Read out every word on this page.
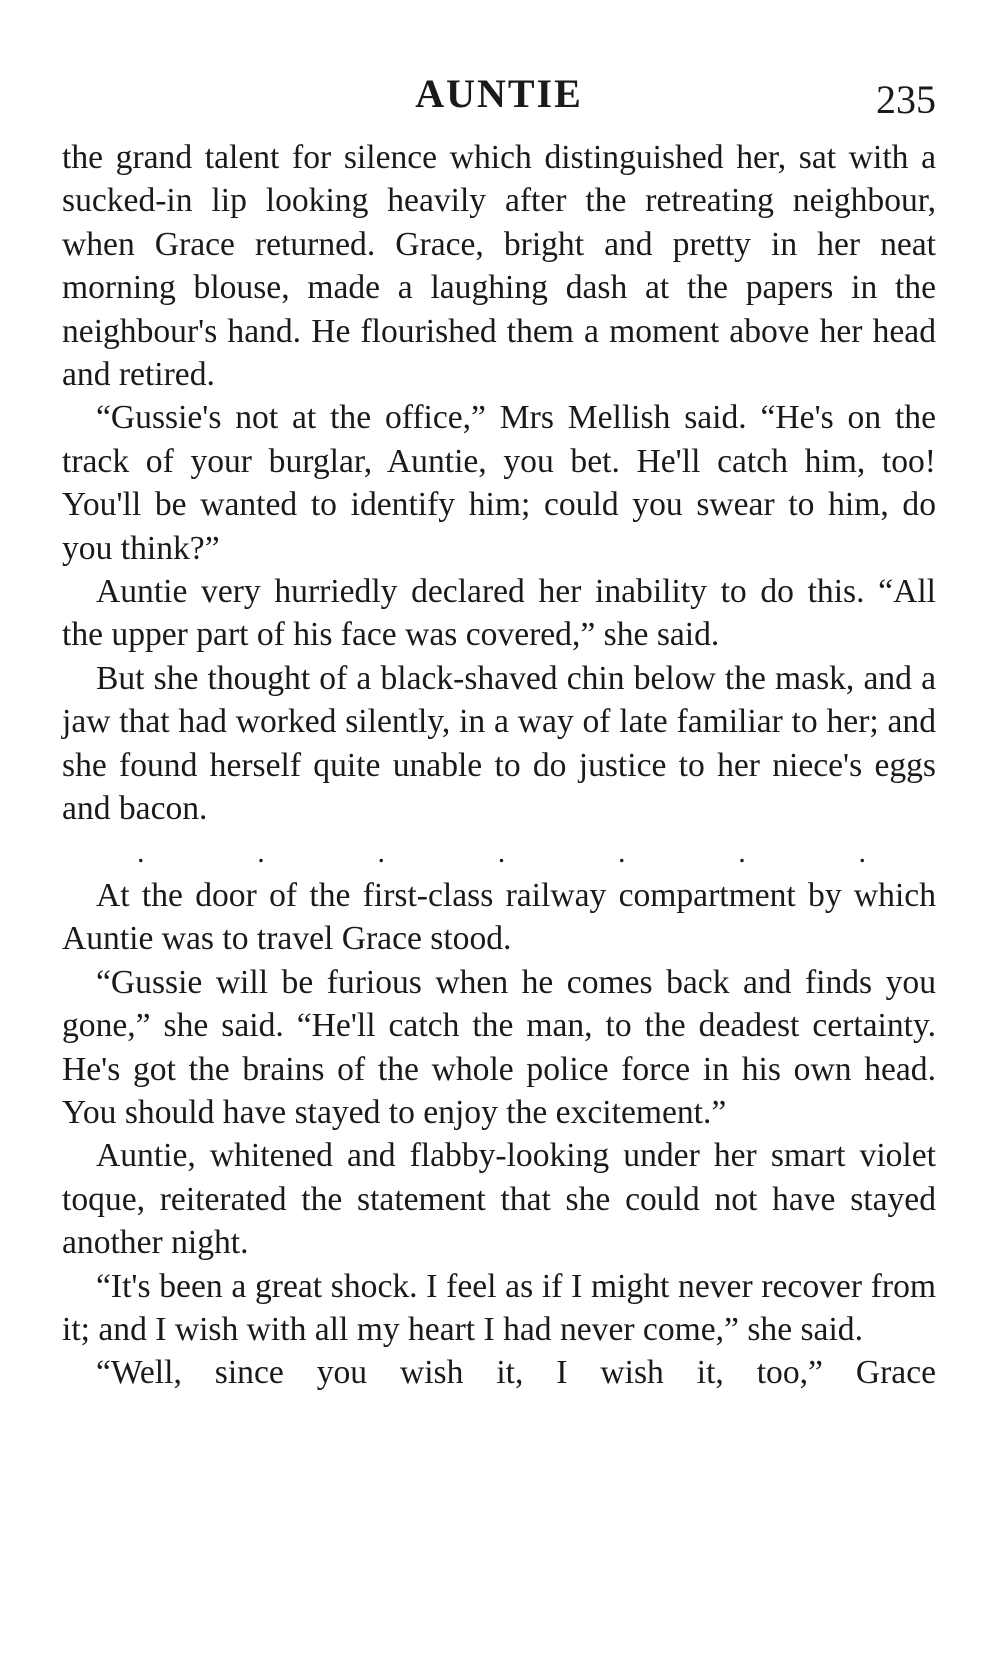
AUNTIE	235

the grand talent for silence which distinguished her, sat with a sucked-in lip looking heavily after the retreating neighbour, when Grace returned. Grace, bright and pretty in her neat morning blouse, made a laughing dash at the papers in the neighbour's hand. He flourished them a moment above her head and retired.

“Gussie's not at the office,” Mrs Mellish said. “He's on the track of your burglar, Auntie, you bet. He'll catch him, too! You'll be wanted to identify him; could you swear to him, do you think?”

Auntie very hurriedly declared her inability to do this. “All the upper part of his face was covered,” she said.

But she thought of a black-shaved chin below the mask, and a jaw that had worked silently, in a way of late familiar to her; and she found herself quite unable to do justice to her niece's eggs and bacon.

.	.	.	.	.	.	.

At the door of the first-class railway compartment by which Auntie was to travel Grace stood.

“Gussie will be furious when he comes back and finds you gone,” she said. “He'll catch the man, to the deadest certainty. He's got the brains of the whole police force in his own head. You should have stayed to enjoy the excitement.”

Auntie, whitened and flabby-looking under her smart violet toque, reiterated the statement that she could not have stayed another night.

“It's been a great shock. I feel as if I might never recover from it; and I wish with all my heart I had never come,” she said.

“Well, since you wish it, I wish it, too,” Grace
